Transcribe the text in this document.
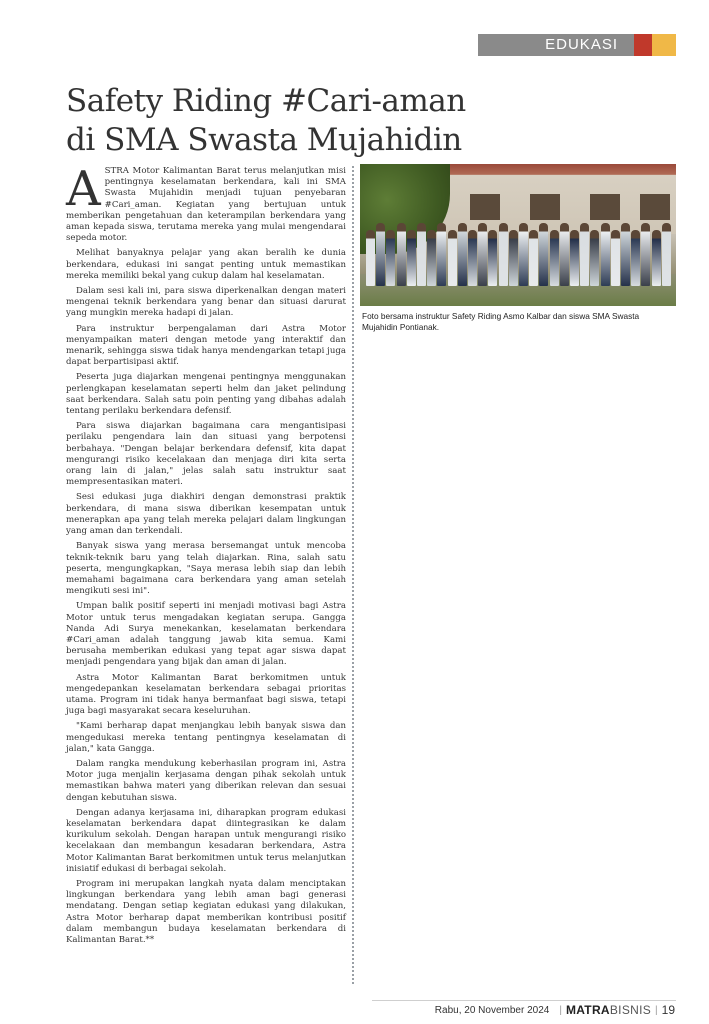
EDUKASI
Safety Riding #Cari-aman
di SMA Swasta Mujahidin

ASTRA Motor Kalimantan Barat terus melanjutkan misi pentingnya keselamatan berkendara, kali ini SMA Swasta Mujahidin menjadi tujuan penyebaran #Cari_aman. Kegiatan yang bertujuan untuk memberikan pengetahuan dan keterampilan berkendara yang aman kepada siswa, terutama mereka yang mulai mengendarai sepeda motor.

Melihat banyaknya pelajar yang akan beralih ke dunia berkendara, edukasi ini sangat penting untuk memastikan mereka memiliki bekal yang cukup dalam hal keselamatan.

Dalam sesi kali ini, para siswa diperkenalkan dengan materi mengenai teknik berkendara yang benar dan situasi darurat yang mungkin mereka hadapi di jalan.

Para instruktur berpengalaman dari Astra Motor menyampaikan materi dengan metode yang interaktif dan menarik, sehingga siswa tidak hanya mendengarkan tetapi juga dapat berpartisipasi aktif.

Peserta juga diajarkan mengenai pentingnya menggunakan perlengkapan keselamatan seperti helm dan jaket pelindung saat berkendara. Salah satu poin penting yang dibahas adalah tentang perilaku berkendara defensif.

Para siswa diajarkan bagaimana cara mengantisipasi perilaku pengendara lain dan situasi yang berpotensi berbahaya. "Dengan belajar berkendara defensif, kita dapat mengurangi risiko kecelakaan dan menjaga diri kita serta orang lain di jalan," jelas salah satu instruktur saat mempresentasikan materi.

Sesi edukasi juga diakhiri dengan demonstrasi praktik berkendara, di mana siswa diberikan kesempatan untuk menerapkan apa yang telah mereka pelajari dalam lingkungan yang aman dan terkendali.

Banyak siswa yang merasa bersemangat untuk mencoba teknik-teknik baru yang telah diajarkan. Rina, salah satu peserta, mengungkapkan, "Saya merasa lebih siap dan lebih memahami bagaimana cara berkendara yang aman setelah mengikuti sesi ini".

Umpan balik positif seperti ini menjadi motivasi bagi Astra Motor untuk terus mengadakan kegiatan serupa. Gangga Nanda Adi Surya menekankan, keselamatan berkendara #Cari_aman adalah tanggung jawab kita semua. Kami berusaha memberikan edukasi yang tepat agar siswa dapat menjadi pengendara yang bijak dan aman di jalan.

Astra Motor Kalimantan Barat berkomitmen untuk mengedepankan keselamatan berkendara sebagai prioritas utama. Program ini tidak hanya bermanfaat bagi siswa, tetapi juga bagi masyarakat secara keseluruhan.

"Kami berharap dapat menjangkau lebih banyak siswa dan mengedukasi mereka tentang pentingnya keselamatan di jalan," kata Gangga.

Dalam rangka mendukung keberhasilan program ini, Astra Motor juga menjalin kerjasama dengan pihak sekolah untuk memastikan bahwa materi yang diberikan relevan dan sesuai dengan kebutuhan siswa.

Dengan adanya kerjasama ini, diharapkan program edukasi keselamatan berkendara dapat diintegrasikan ke dalam kurikulum sekolah. Dengan harapan untuk mengurangi risiko kecelakaan dan membangun kesadaran berkendara, Astra Motor Kalimantan Barat berkomitmen untuk terus melanjutkan inisiatif edukasi di berbagai sekolah.

Program ini merupakan langkah nyata dalam menciptakan lingkungan berkendara yang lebih aman bagi generasi mendatang. Dengan setiap kegiatan edukasi yang dilakukan, Astra Motor berharap dapat memberikan kontribusi positif dalam membangun budaya keselamatan berkendara di Kalimantan Barat.**

Foto bersama instruktur Safety Riding Asmo Kalbar dan siswa SMA Swasta Mujahidin Pontianak.
Rabu, 20 November 2024 | MATRA BISNIS | 19
